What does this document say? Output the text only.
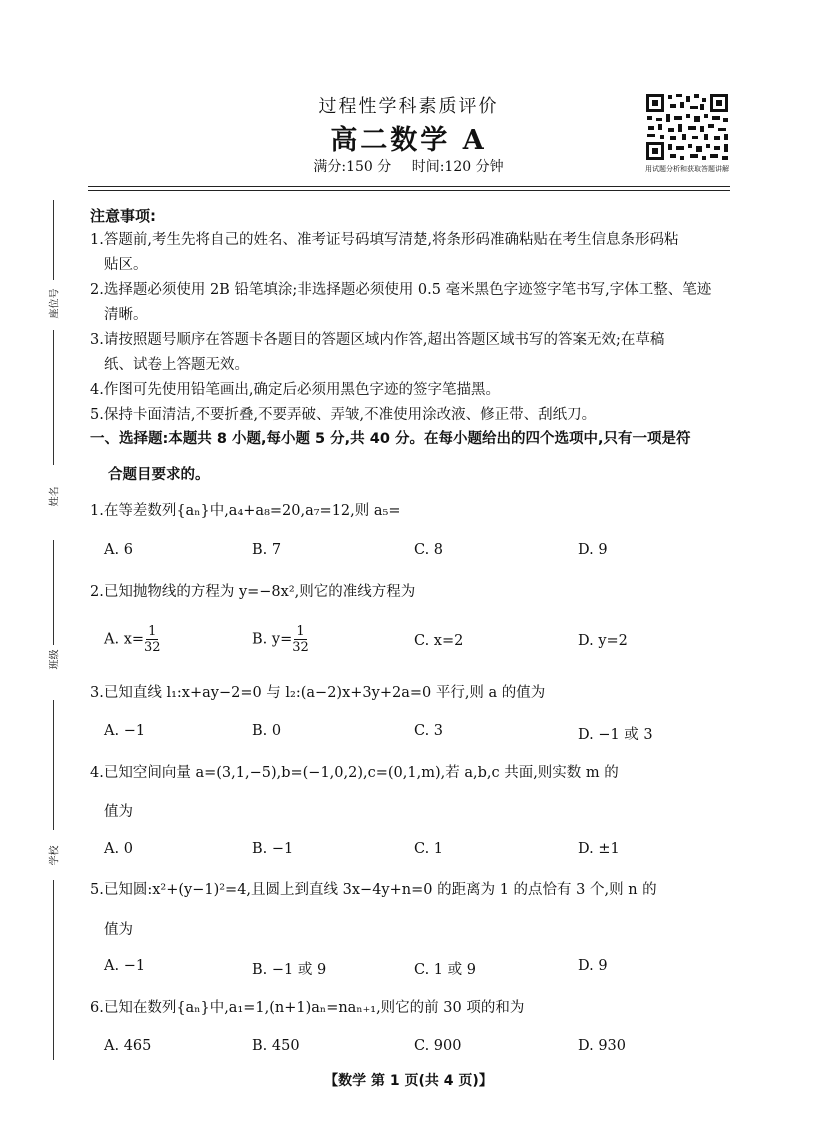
过程性学科素质评价
高二数学 A
满分:150 分 时间:120 分钟	用试题分析和获取答题讲解
座位号
姓名
班级
学校
注意事项:
1.答题前,考生先将自己的姓名、准考证号码填写清楚,将条形码准确粘贴在考生信息条形码粘
贴区。
2.选择题必须使用 2B 铅笔填涂;非选择题必须使用 0.5 毫米黑色字迹签字笔书写,字体工整、笔迹
清晰。
3.请按照题号顺序在答题卡各题目的答题区域内作答,超出答题区域书写的答案无效;在草稿
纸、试卷上答题无效。
4.作图可先使用铅笔画出,确定后必须用黑色字迹的签字笔描黑。
5.保持卡面清洁,不要折叠,不要弄破、弄皱,不准使用涂改液、修正带、刮纸刀。
一、选择题:本题共 8 小题,每小题 5 分,共 40 分。在每小题给出的四个选项中,只有一项是符
合题目要求的。
1.在等差数列{aₙ}中,a₄+a₈=20,a₇=12,则 a₅=
A. 6	B. 7	C. 8	D. 9
2.已知抛物线的方程为 y=−8x²,则它的准线方程为
A. $x= \frac{1}{32}$	B. $y= \frac{1}{32}$	C. x=2	D. y=2
3.已知直线 l₁:x+ay−2=0 与 l₂:(a−2)x+3y+2a=0 平行,则 a 的值为
A. −1	B. 0	C. 3	D. −1 或 3
4.已知空间向量 a=(3,1,−5),b=(−1,0,2),c=(0,1,m),若 a,b,c 共面,则实数 m 的
值为
A. 0	B. −1	C. 1	D. ±1
5.已知圆:x²+(y−1)²=4,且圆上到直线 3x−4y+n=0 的距离为 1 的点恰有 3 个,则 n 的
值为
A. −1	B. −1 或 9	C. 1 或 9	D. 9
6.已知在数列{aₙ}中,a₁=1,(n+1)aₙ=naₙ₊₁,则它的前 30 项的和为
A. 465	B. 450	C. 900	D. 930
【数学 第 1 页(共 4 页)】
